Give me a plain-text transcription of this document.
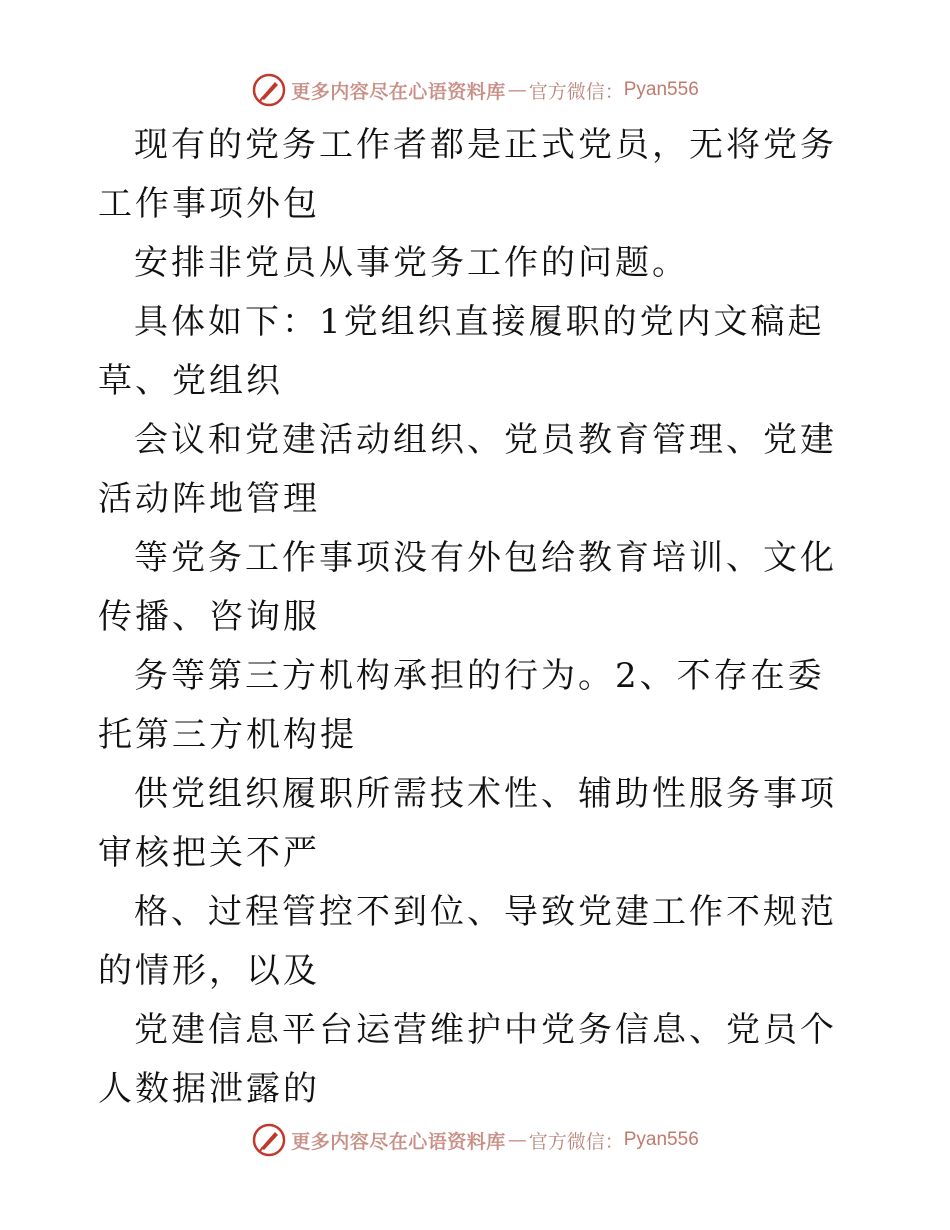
更多内容尽在心语资料库 — 官方微信： Pyan556

现有的党务工作者都是正式党员，无将党务工作事项外包

安排非党员从事党务工作的问题。

具体如下：1党组织直接履职的党内文稿起草、党组织

会议和党建活动组织、党员教育管理、党建活动阵地管理

等党务工作事项没有外包给教育培训、文化传播、咨询服

务等第三方机构承担的行为。2、不存在委托第三方机构提

供党组织履职所需技术性、辅助性服务事项审核把关不严

格、过程管控不到位、导致党建工作不规范的情形，以及

党建信息平台运营维护中党务信息、党员个人数据泄露的

更多内容尽在心语资料库 — 官方微信： Pyan556
